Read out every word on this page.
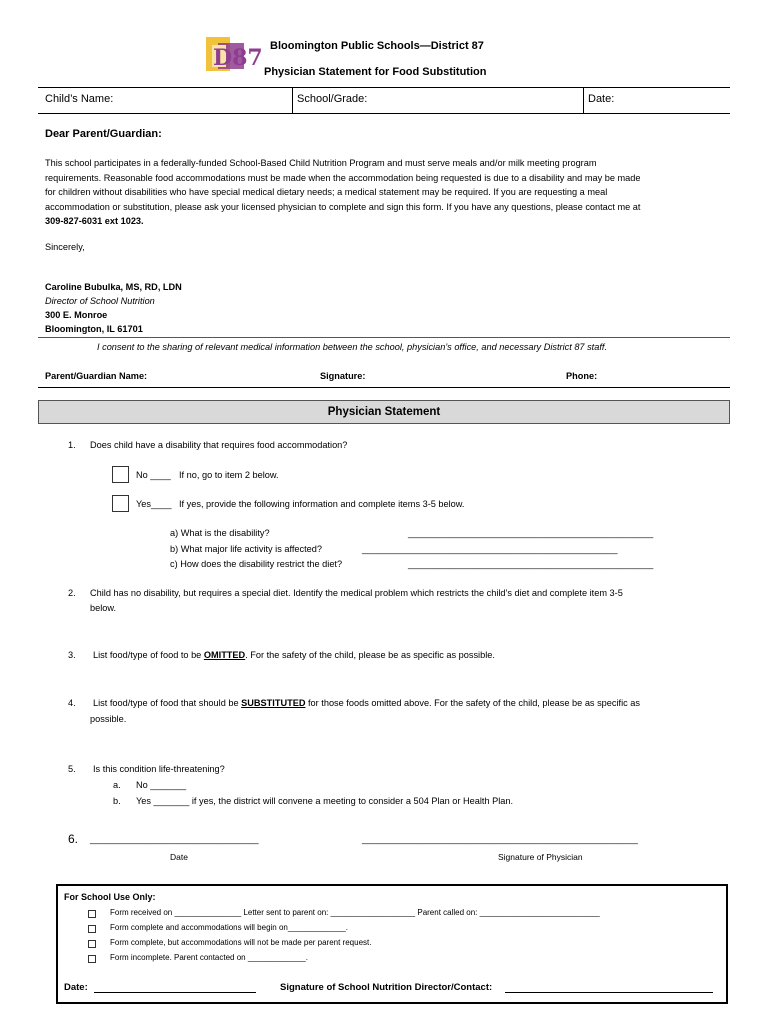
D87 Bloomington Public Schools—District 87
Physician Statement for Food Substitution
Child’s Name:	School/Grade:	Date:
Dear Parent/Guardian:
This school participates in a federally-funded School-Based Child Nutrition Program and must serve meals and/or milk meeting program
requirements. Reasonable food accommodations must be made when the accommodation being requested is due to a disability and may be made
for children without disabilities who have special medical dietary needs; a medical statement may be required. If you are requesting a meal
accommodation or substitution, please ask your licensed physician to complete and sign this form. If you have any questions, please contact me at
309-827-6031 ext 1023.
Sincerely,
Caroline Bubulka, MS, RD, LDN
Director of School Nutrition
300 E. Monroe
Bloomington, IL 61701
I consent to the sharing of relevant medical information between the school, physician’s office, and necessary District 87 staff.
Parent/Guardian Name:	Signature:	Phone:
Physician Statement
1. Does child have a disability that requires food accommodation?
No ____ If no, go to item 2 below.
Yes____ If yes, provide the following information and complete items 3-5 below.
a) What is the disability?	________________________________________________
b) What major life activity is affected?	__________________________________________________
c) How does the disability restrict the diet?	________________________________________________
2. Child has no disability, but requires a special diet. Identify the medical problem which restricts the child’s diet and complete item 3-5
below.
3. List food/type of food to be OMITTED. For the safety of the child, please be as specific as possible.
4. List food/type of food that should be SUBSTITUTED for those foods omitted above. For the safety of the child, please be as specific as
possible.
5. Is this condition life-threatening?
a. No _______
b. Yes _______ if yes, the district will convene a meeting to consider a 504 Plan or Health Plan.
6. _________________________________	______________________________________________________
Date	Signature of Physician
For School Use Only:
Form received on _______________ Letter sent to parent on: ___________________ Parent called on: ___________________________
Form complete and accommodations will begin on_____________.
Form complete, but accommodations will not be made per parent request.
Form incomplete. Parent contacted on _____________.
Date:	Signature of School Nutrition Director/Contact:
